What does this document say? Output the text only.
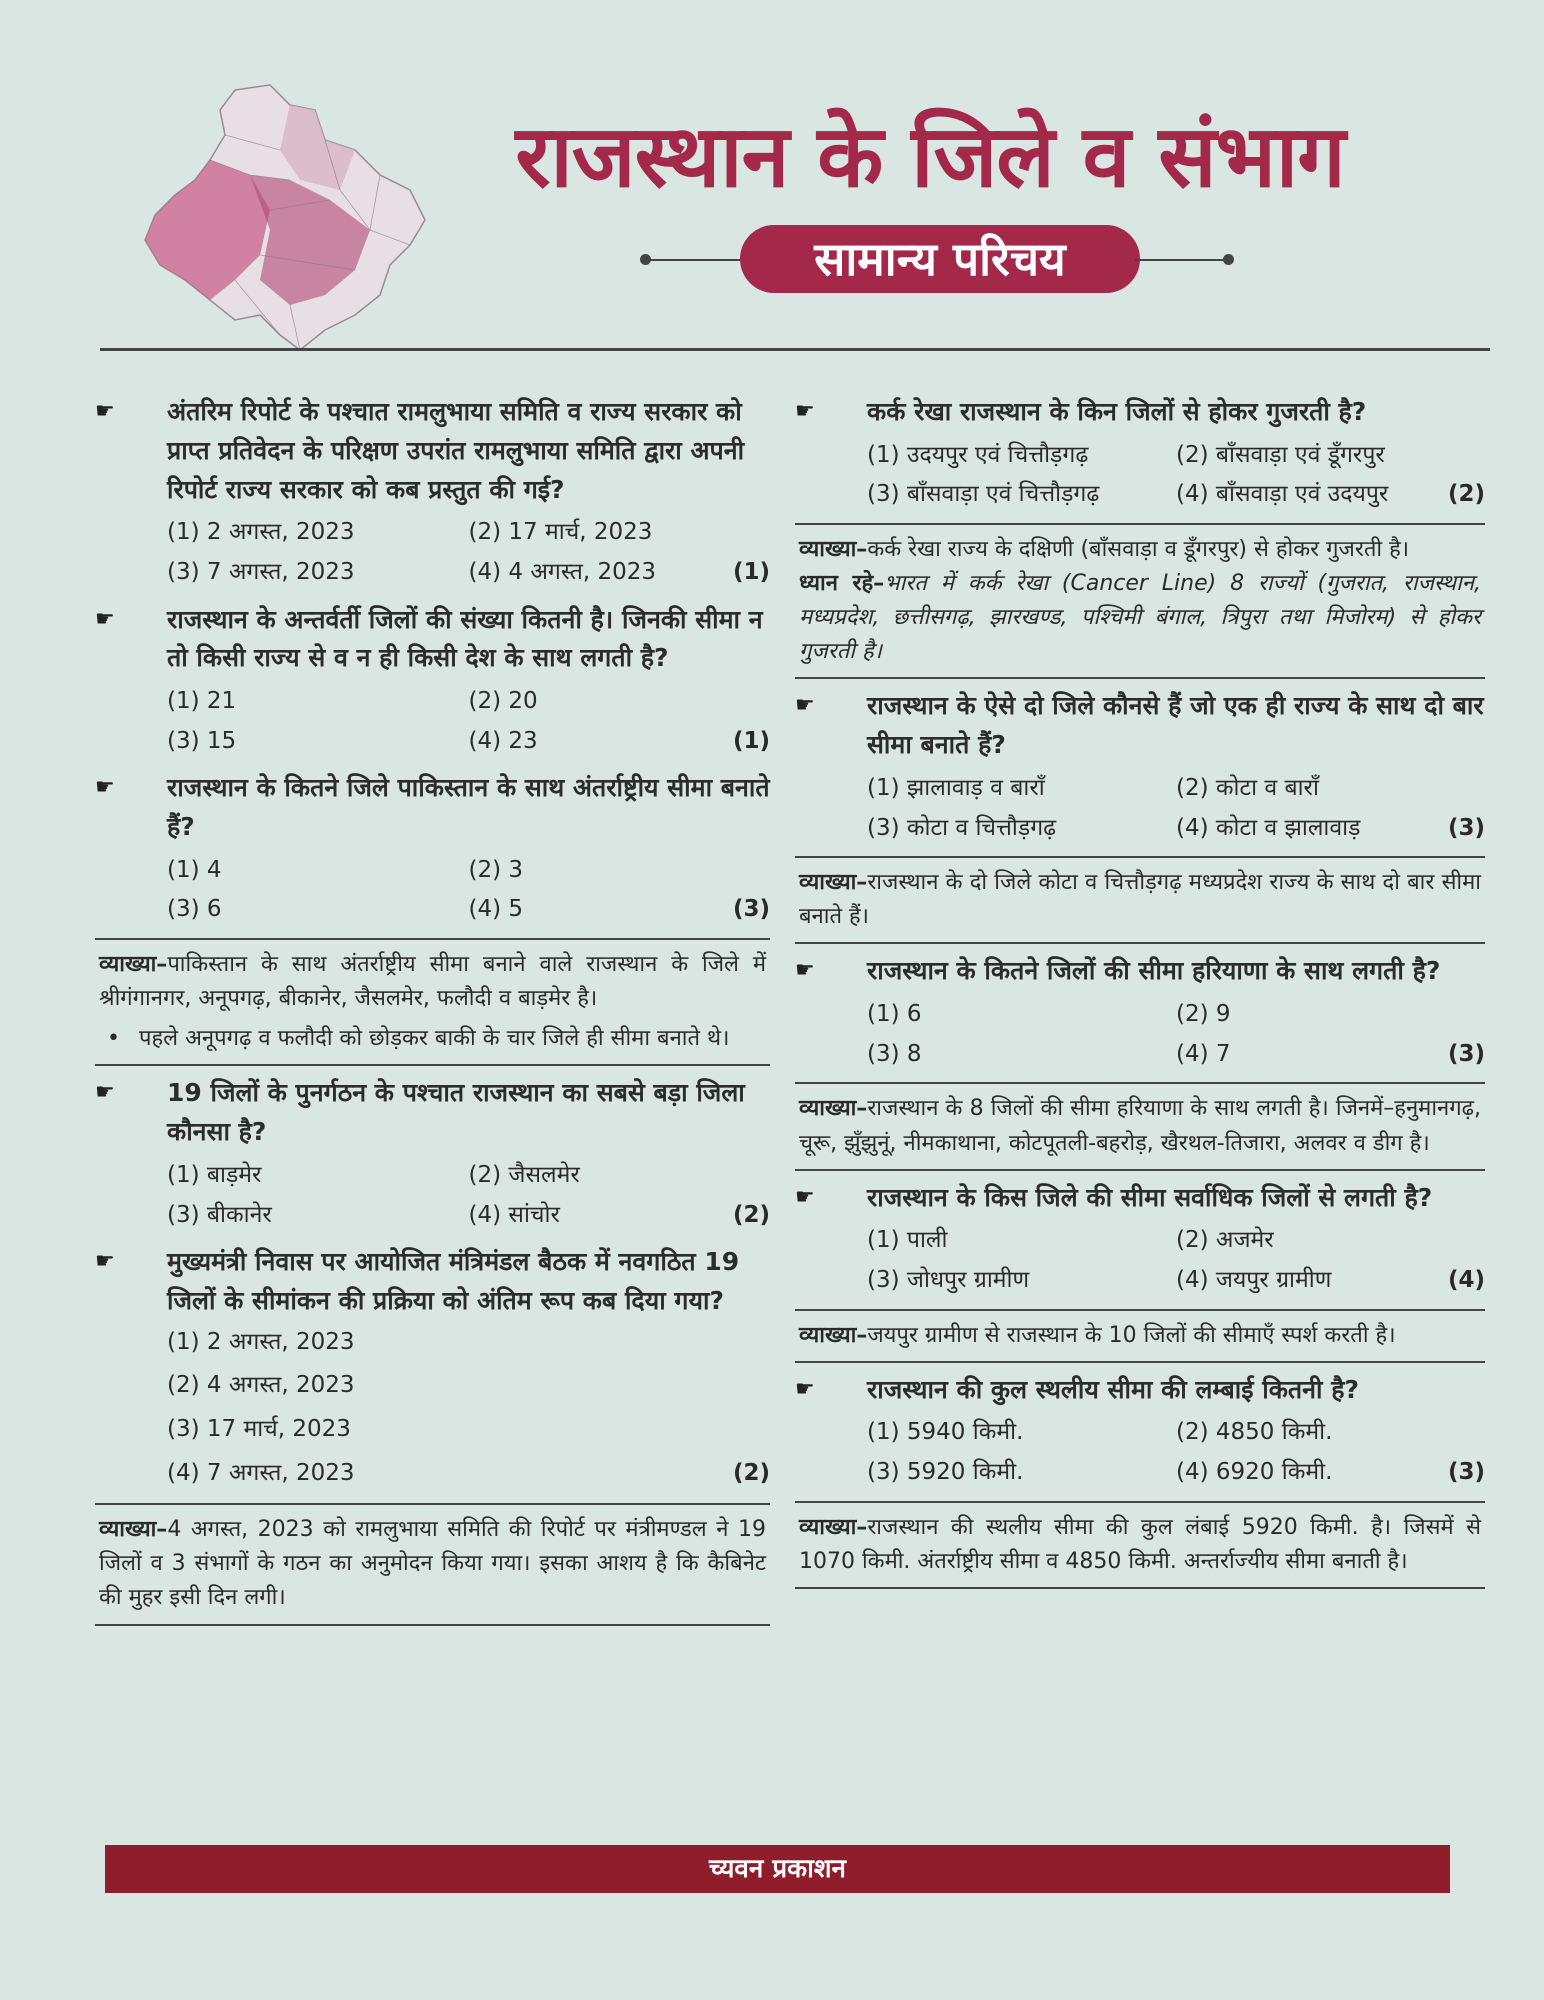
राजस्थान के जिले व संभाग
सामान्य परिचय
☛ अंतरिम रिपोर्ट के पश्चात रामलुभाया समिति व राज्य सरकार को प्राप्त प्रतिवेदन के परिक्षण उपरांत रामलुभाया समिति द्वारा अपनी रिपोर्ट राज्य सरकार को कब प्रस्तुत की गई?
(1) 2 अगस्त, 2023	(2) 17 मार्च, 2023
(3) 7 अगस्त, 2023	(4) 4 अगस्त, 2023	(1)
☛ राजस्थान के अन्तर्वर्ती जिलों की संख्या कितनी है। जिनकी सीमा न तो किसी राज्य से व न ही किसी देश के साथ लगती है?
(1) 21	(2) 20
(3) 15	(4) 23	(1)
☛ राजस्थान के कितने जिले पाकिस्तान के साथ अंतर्राष्ट्रीय सीमा बनाते हैं?
(1) 4	(2) 3
(3) 6	(4) 5	(3)
व्याख्या–पाकिस्तान के साथ अंतर्राष्ट्रीय सीमा बनाने वाले राजस्थान के जिले में श्रीगंगानगर, अनूपगढ़, बीकानेर, जैसलमेर, फलौदी व बाड़मेर है।
• पहले अनूपगढ़ व फलौदी को छोड़कर बाकी के चार जिले ही सीमा बनाते थे।
☛ 19 जिलों के पुनर्गठन के पश्चात राजस्थान का सबसे बड़ा जिला कौनसा है?
(1) बाड़मेर	(2) जैसलमेर
(3) बीकानेर	(4) सांचोर	(2)
☛ मुख्यमंत्री निवास पर आयोजित मंत्रिमंडल बैठक में नवगठित 19 जिलों के सीमांकन की प्रक्रिया को अंतिम रूप कब दिया गया?
(1) 2 अगस्त, 2023
(2) 4 अगस्त, 2023
(3) 17 मार्च, 2023
(4) 7 अगस्त, 2023	(2)
व्याख्या–4 अगस्त, 2023 को रामलुभाया समिति की रिपोर्ट पर मंत्रीमण्डल ने 19 जिलों व 3 संभागों के गठन का अनुमोदन किया गया। इसका आशय है कि कैबिनेट की मुहर इसी दिन लगी।
☛ कर्क रेखा राजस्थान के किन जिलों से होकर गुजरती है?
(1) उदयपुर एवं चित्तौड़गढ़	(2) बाँसवाड़ा एवं डूँगरपुर
(3) बाँसवाड़ा एवं चित्तौड़गढ़	(4) बाँसवाड़ा एवं उदयपुर	(2)
व्याख्या–कर्क रेखा राज्य के दक्षिणी (बाँसवाड़ा व डूँगरपुर) से होकर गुजरती है।
ध्यान रहे–भारत में कर्क रेखा (Cancer Line) 8 राज्यों (गुजरात, राजस्थान, मध्यप्रदेश, छत्तीसगढ़, झारखण्ड, पश्चिमी बंगाल, त्रिपुरा तथा मिजोरम) से होकर गुजरती है।
☛ राजस्थान के ऐसे दो जिले कौनसे हैं जो एक ही राज्य के साथ दो बार सीमा बनाते हैं?
(1) झालावाड़ व बाराँ	(2) कोटा व बाराँ
(3) कोटा व चित्तौड़गढ़	(4) कोटा व झालावाड़	(3)
व्याख्या–राजस्थान के दो जिले कोटा व चित्तौड़गढ़ मध्यप्रदेश राज्य के साथ दो बार सीमा बनाते हैं।
☛ राजस्थान के कितने जिलों की सीमा हरियाणा के साथ लगती है?
(1) 6	(2) 9
(3) 8	(4) 7	(3)
व्याख्या–राजस्थान के 8 जिलों की सीमा हरियाणा के साथ लगती है। जिनमें–हनुमानगढ़, चूरू, झुँझुनूं, नीमकाथाना, कोटपूतली-बहरोड़, खैरथल-तिजारा, अलवर व डीग है।
☛ राजस्थान के किस जिले की सीमा सर्वाधिक जिलों से लगती है?
(1) पाली	(2) अजमेर
(3) जोधपुर ग्रामीण	(4) जयपुर ग्रामीण	(4)
व्याख्या–जयपुर ग्रामीण से राजस्थान के 10 जिलों की सीमाएँ स्पर्श करती है।
☛ राजस्थान की कुल स्थलीय सीमा की लम्बाई कितनी है?
(1) 5940 किमी.	(2) 4850 किमी.
(3) 5920 किमी.	(4) 6920 किमी.	(3)
व्याख्या–राजस्थान की स्थलीय सीमा की कुल लंबाई 5920 किमी. है। जिसमें से 1070 किमी. अंतर्राष्ट्रीय सीमा व 4850 किमी. अन्तर्राज्यीय सीमा बनाती है।
च्यवन प्रकाशन
